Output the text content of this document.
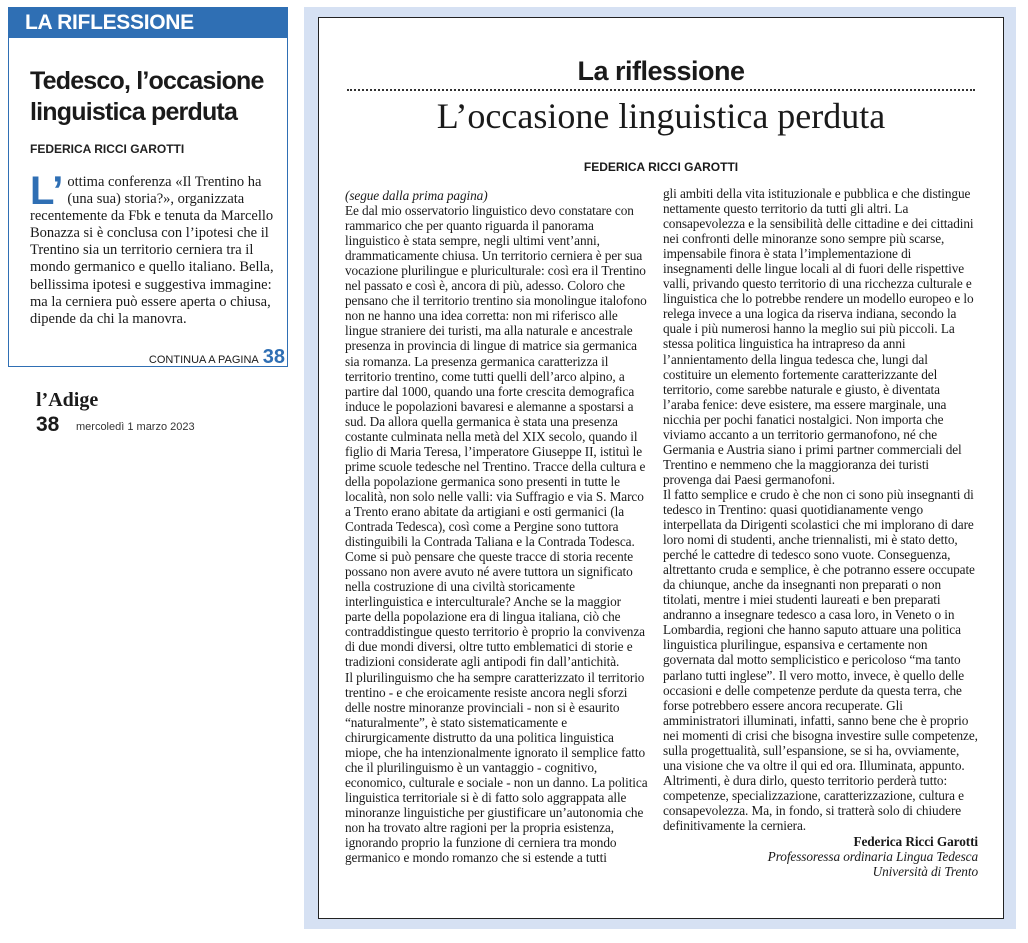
LA RIFLESSIONE
Tedesco, l’occasione
linguistica perduta
FEDERICA RICCI GAROTTI
L’ ottima conferenza «Il Trentino ha (una sua) storia?», organizzata recentemente da Fbk e tenuta da Marcello Bonazza si è conclusa con l’ipotesi che il Trentino sia un territorio cerniera tra il mondo germanico e quello italiano. Bella, bellissima ipotesi e suggestiva immagine: ma la cerniera può essere aperta o chiusa, dipende da chi la manovra.
CONTINUA A PAGINA 38
l’Adige
38 mercoledì 1 marzo 2023
La riflessione
L’occasione linguistica perduta
FEDERICA RICCI GAROTTI

(segue dalla prima pagina)

Ee dal mio osservatorio linguistico devo constatare con rammarico che per quanto riguarda il panorama linguistico è stata sempre, negli ultimi vent’anni, drammaticamente chiusa. Un territorio cerniera è per sua vocazione plurilingue e pluriculturale: così era il Trentino nel passato e così è, ancora di più, adesso. Coloro che pensano che il territorio trentino sia monolingue italofono non ne hanno una idea corretta: non mi riferisco alle lingue straniere dei turisti, ma alla naturale e ancestrale presenza in provincia di lingue di matrice sia germanica sia romanza. La presenza germanica caratterizza il territorio trentino, come tutti quelli dell’arco alpino, a partire dal 1000, quando una forte crescita demografica induce le popolazioni bavaresi e alemanne a spostarsi a sud. Da allora quella germanica è stata una presenza costante culminata nella metà del XIX secolo, quando il figlio di Maria Teresa, l’imperatore Giuseppe II, istituì le prime scuole tedesche nel Trentino. Tracce della cultura e della popolazione germanica sono presenti in tutte le località, non solo nelle valli: via Suffragio e via S. Marco a Trento erano abitate da artigiani e osti germanici (la Contrada Tedesca), così come a Pergine sono tuttora distinguibili la Contrada Taliana e la Contrada Todesca. Come si può pensare che queste tracce di storia recente possano non avere avuto né avere tuttora un significato nella costruzione di una civiltà storicamente interlinguistica e interculturale? Anche se la maggior parte della popolazione era di lingua italiana, ciò che contraddistingue questo territorio è proprio la convivenza di due mondi diversi, oltre tutto emblematici di storie e tradizioni considerate agli antipodi fin dall’antichità.

Il plurilinguismo che ha sempre caratterizzato il territorio trentino - e che eroicamente resiste ancora negli sforzi delle nostre minoranze provinciali - non si è esaurito “naturalmente”, è stato sistematicamente e chirurgicamente distrutto da una politica linguistica miope, che ha intenzionalmente ignorato il semplice fatto che il plurilinguismo è un vantaggio - cognitivo, economico, culturale e sociale - non un danno. La politica linguistica territoriale si è di fatto solo aggrappata alle minoranze linguistiche per giustificare un’autonomia che non ha trovato altre ragioni per la propria esistenza, ignorando proprio la funzione di cerniera tra mondo germanico e mondo romanzo che si estende a tutti

gli ambiti della vita istituzionale e pubblica e che distingue nettamente questo territorio da tutti gli altri. La consapevolezza e la sensibilità delle cittadine e dei cittadini nei confronti delle minoranze sono sempre più scarse, impensabile finora è stata l’implementazione di insegnamenti delle lingue locali al di fuori delle rispettive valli, privando questo territorio di una ricchezza culturale e linguistica che lo potrebbe rendere un modello europeo e lo relega invece a una logica da riserva indiana, secondo la quale i più numerosi hanno la meglio sui più piccoli. La stessa politica linguistica ha intrapreso da anni l’annientamento della lingua tedesca che, lungi dal costituire un elemento fortemente caratterizzante del territorio, come sarebbe naturale e giusto, è diventata l’araba fenice: deve esistere, ma essere marginale, una nicchia per pochi fanatici nostalgici. Non importa che viviamo accanto a un territorio germanofono, né che Germania e Austria siano i primi partner commerciali del Trentino e nemmeno che la maggioranza dei turisti provenga dai Paesi germanofoni.

Il fatto semplice e crudo è che non ci sono più insegnanti di tedesco in Trentino: quasi quotidianamente vengo interpellata da Dirigenti scolastici che mi implorano di dare loro nomi di studenti, anche triennalisti, mi è stato detto, perché le cattedre di tedesco sono vuote. Conseguenza, altrettanto cruda e semplice, è che potranno essere occupate da chiunque, anche da insegnanti non preparati o non titolati, mentre i miei studenti laureati e ben preparati andranno a insegnare tedesco a casa loro, in Veneto o in Lombardia, regioni che hanno saputo attuare una politica linguistica plurilingue, espansiva e certamente non governata dal motto semplicistico e pericoloso “ma tanto parlano tutti inglese”. Il vero motto, invece, è quello delle occasioni e delle competenze perdute da questa terra, che forse potrebbero essere ancora recuperate. Gli amministratori illuminati, infatti, sanno bene che è proprio nei momenti di crisi che bisogna investire sulle competenze, sulla progettualità, sull’espansione, se si ha, ovviamente, una visione che va oltre il qui ed ora. Illuminata, appunto. Altrimenti, è dura dirlo, questo territorio perderà tutto: competenze, specializzazione, caratterizzazione, cultura e consapevolezza. Ma, in fondo, si tratterà solo di chiudere definitivamente la cerniera.

Federica Ricci Garotti
Professoressa ordinaria Lingua Tedesca
Università di Trento
